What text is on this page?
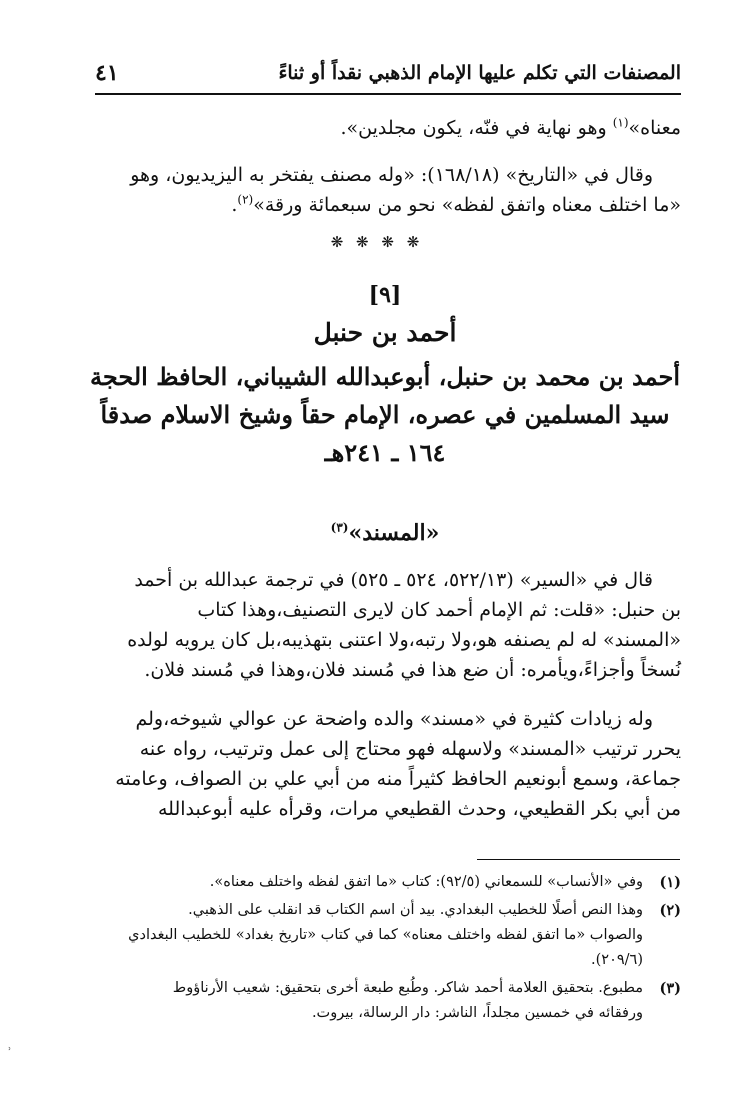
المصنفات التي تكلم عليها الإمام الذهبي نقداً أو ثناءً
٤١
معناه»$^{(١)}$ وهو نهاية في فنّه، يكون مجلدين».
وقال في «التاريخ» (١٦٨/١٨): «وله مصنف يفتخر به اليزيديون، وهو
«ما اختلف معناه واتفق لفظه» نحو من سبعمائة ورقة»$^{(٢)}$.
❋ ❋ ❋ ❋
[٩]
أحمد بن حنبل
أحمد بن محمد بن حنبل، أبوعبدالله الشيباني، الحافظ الحجة
سيد المسلمين في عصره، الإمام حقاً وشيخ الاسلام صدقاً
١٦٤ ـ ٢٤١هـ
«المسند»$^{(٣)}$
قال في «السير» (٥٢٢/١٣، ٥٢٤ ـ ٥٢٥) في ترجمة عبدالله بن أحمد
بن حنبل: «قلت: ثم الإمام أحمد كان لايرى التصنيف،وهذا كتاب
«المسند» له لم يصنفه هو،ولا رتبه،ولا اعتنى بتهذيبه،بل كان يرويه لولده
نُسخاً وأجزاءً،ويأمره: أن ضع هذا في مُسند فلان،وهذا في مُسند فلان.
وله زيادات كثيرة في «مسند» والده واضحة عن عوالي شيوخه،ولم
يحرر ترتيب «المسند» ولاسهله فهو محتاج إلى عمل وترتيب، رواه عنه
جماعة، وسمع أبونعيم الحافظ كثيراً منه من أبي علي بن الصواف، وعامته
من أبي بكر القطيعي، وحدث القطيعي مرات، وقرأه عليه أبوعبدالله
(١)
وفي «الأنساب» للسمعاني (٩٢/٥): كتاب «ما اتفق لفظه واختلف معناه».
(٢)
وهذا النص أصلًا للخطيب البغدادي. بيد أن اسم الكتاب قد انقلب على الذهبي.
والصواب «ما اتفق لفظه واختلف معناه» كما في كتاب «تاريخ بغداد» للخطيب البغدادي
(٢٠٩/٦).
(٣)
مطبوع. بتحقيق العلامة أحمد شاكر. وطُبع طبعة أخرى بتحقيق: شعيب الأرناؤوط
ورفقائه في خمسين مجلداً، الناشر: دار الرسالة، بيروت.
ʾ
